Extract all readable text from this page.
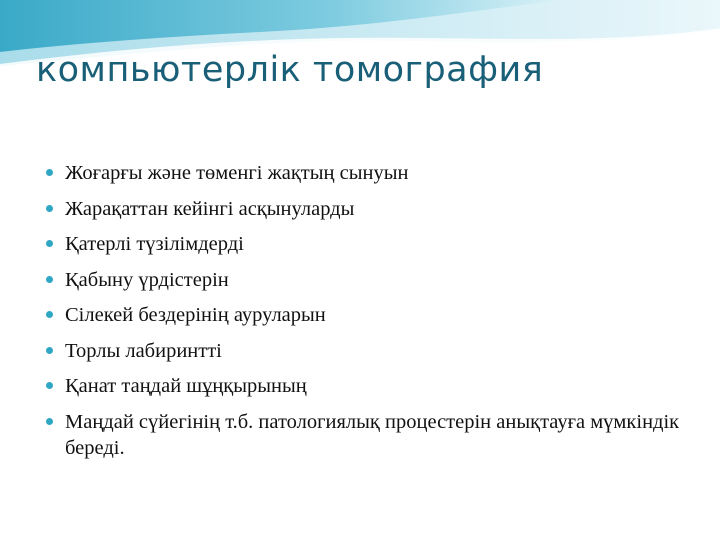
компьютерлік томография
Жоғарғы және төменгі жақтың сынуын
Жарақаттан кейінгі асқынуларды
Қатерлі түзілімдерді
Қабыну үрдістерін
Сілекей бездерінің ауруларын
Торлы лабиринтті
Қанат таңдай шұңқырының
Маңдай сүйегінің т.б. патологиялық процестерін анықтауға мүмкіндік береді.
